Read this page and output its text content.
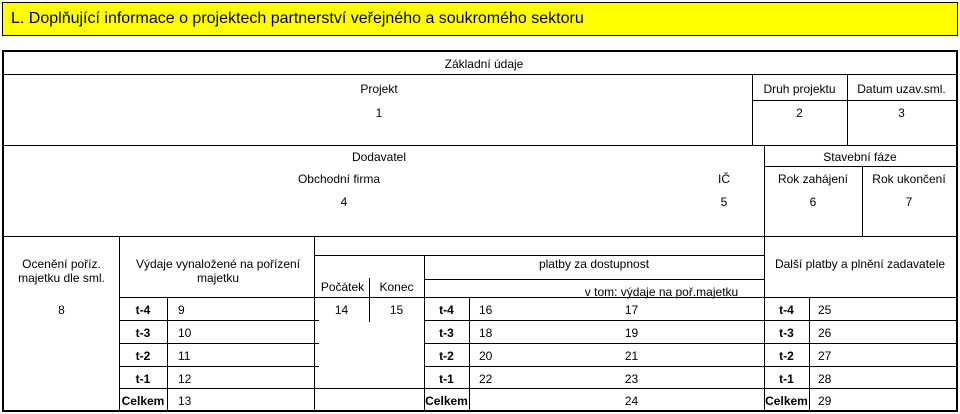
L. Doplňující informace o projektech partnerství veřejného a soukromého sektoru
Základní údaje
Projekt	Druh projektu	Datum uzav.sml.
1	2	3
Dodavatel	Stavební fáze
Obchodní firma	IČ	Rok zahájení	Rok ukončení
4	5	6	7
Ocenění poříz. majetku dle sml.
Výdaje vynaložené na pořízení majetku
platby za dostupnost	Další platby a plnění zadavatele
Počátek	Konec	v tom: výdaje na poř.majetku
8	14	15
t-4	9	t-4	16	17	t-4	25
t-3	10	t-3	18	19	t-3	26
t-2	11	t-2	20	21	t-2	27
t-1	12	t-1	22	23	t-1	28
Celkem 13	Celkem	24	Celkem 29
